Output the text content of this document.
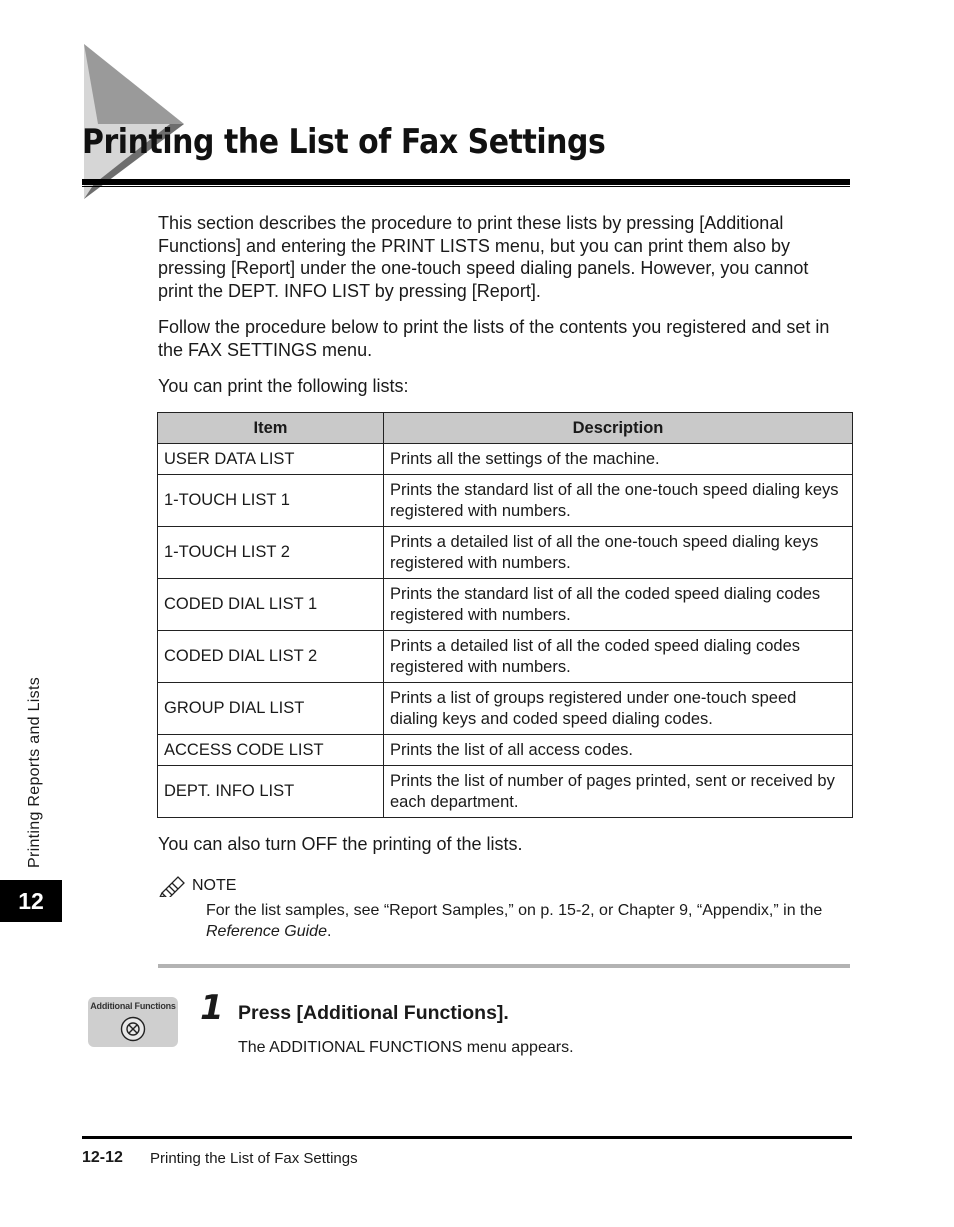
Printing the List of Fax Settings

This section describes the procedure to print these lists by pressing [Additional Functions] and entering the PRINT LISTS menu, but you can print them also by pressing [Report] under the one-touch speed dialing panels. However, you cannot print the DEPT. INFO LIST by pressing [Report].

Follow the procedure below to print the lists of the contents you registered and set in the FAX SETTINGS menu.

You can print the following lists:

Item	Description
USER DATA LIST	Prints all the settings of the machine.
1-TOUCH LIST 1	Prints the standard list of all the one-touch speed dialing keys registered with numbers.
1-TOUCH LIST 2	Prints a detailed list of all the one-touch speed dialing keys registered with numbers.
CODED DIAL LIST 1	Prints the standard list of all the coded speed dialing codes registered with numbers.
CODED DIAL LIST 2	Prints a detailed list of all the coded speed dialing codes registered with numbers.
GROUP DIAL LIST	Prints a list of groups registered under one-touch speed dialing keys and coded speed dialing codes.
ACCESS CODE LIST	Prints the list of all access codes.
DEPT. INFO LIST	Prints the list of number of pages printed, sent or received by each department.

You can also turn OFF the printing of the lists.

NOTE

For the list samples, see “Report Samples,” on p. 15-2, or Chapter 9, “Appendix,” in the Reference Guide.

Additional Functions 1 Press [Additional Functions].
The ADDITIONAL FUNCTIONS menu appears.
Printing Reports and Lists
12
12-12 Printing the List of Fax Settings
